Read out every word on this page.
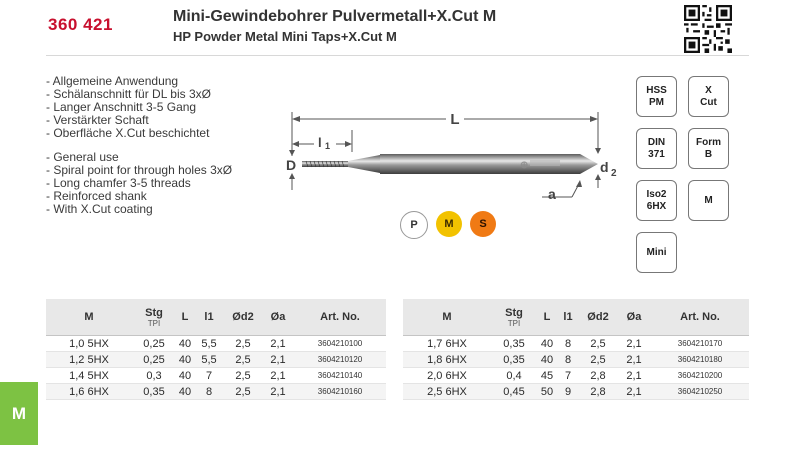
360 421	Mini-Gewindebohrer Pulvermetall+X.Cut M
HP Powder Metal Mini Taps+X.Cut M
- Allgemeine Anwendung
- Schälanschnitt für DL bis 3xØ
- Langer Anschnitt 3-5 Gang
- Verstärkter Schaft
- Oberfläche X.Cut beschichtet
- General use
- Spiral point for through holes 3xØ
- Long chamfer 3-5 threads
- Reinforced shank
- With X.Cut coating
L
l 1
D	⊕	d 2
a
P	M	S
HSS
PM
X
Cut
DIN
371
Form
B
Iso2
6HX
M
Mini
M	Stg
TPI	L	l1	Ød2	Øa	Art. No.
1,0 5HX	0,25	40	5,5	2,5	2,1	3604210100
1,2 5HX	0,25	40	5,5	2,5	2,1	3604210120
1,4 5HX	0,3	40	7	2,5	2,1	3604210140
1,6 6HX	0,35	40	8	2,5	2,1	3604210160
M	Stg
TPI	L	l1	Ød2	Øa	Art. No.
1,7 6HX	0,35	40	8	2,5	2,1	3604210170
1,8 6HX	0,35	40	8	2,5	2,1	3604210180
2,0 6HX	0,4	45	7	2,8	2,1	3604210200
2,5 6HX	0,45	50	9	2,8	2,1	3604210250
M
